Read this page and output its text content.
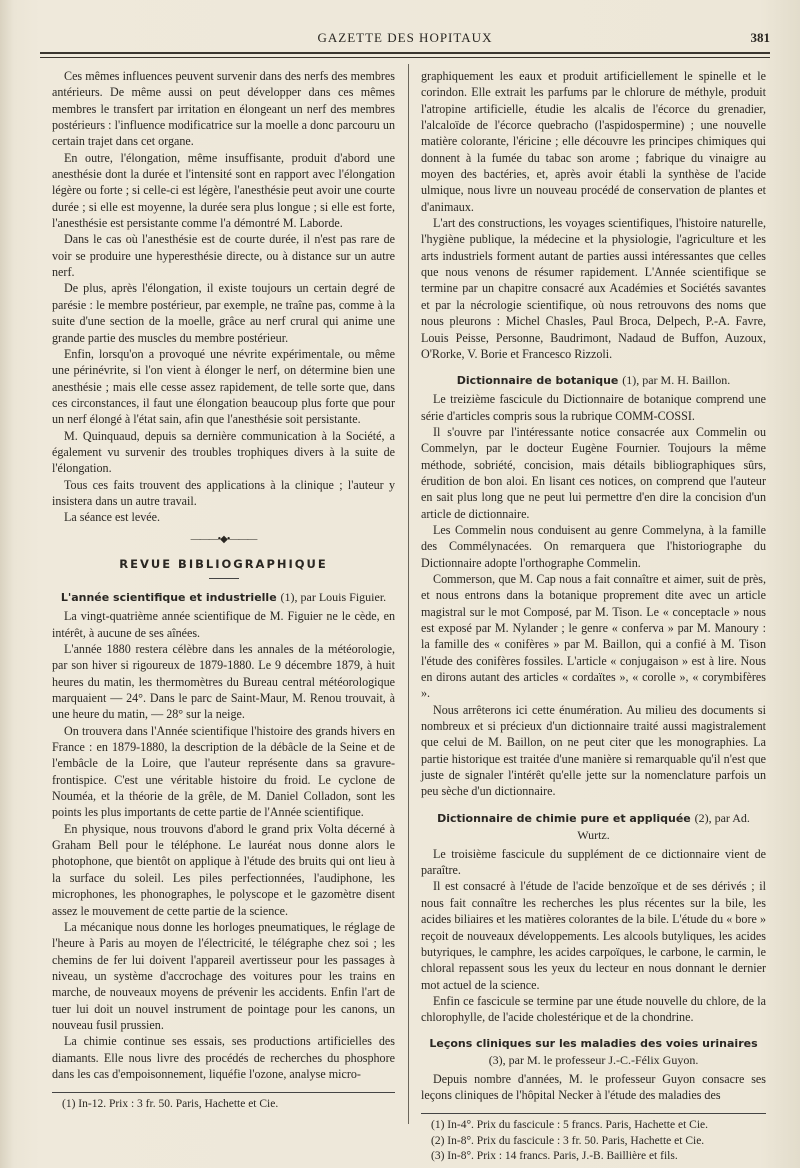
GAZETTE DES HOPITAUX	381

Ces mêmes influences peuvent survenir dans des nerfs des membres antérieurs. De même aussi on peut développer dans ces mêmes membres le transfert par irritation en élongeant un nerf des membres postérieurs : l'influence modificatrice sur la moelle a donc parcouru un certain trajet dans cet organe.

En outre, l'élongation, même insuffisante, produit d'abord une anesthésie dont la durée et l'intensité sont en rapport avec l'élongation légère ou forte ; si celle-ci est légère, l'anesthésie peut avoir une courte durée ; si elle est moyenne, la durée sera plus longue ; si elle est forte, l'anesthésie est persistante comme l'a démontré M. Laborde.

Dans le cas où l'anesthésie est de courte durée, il n'est pas rare de voir se produire une hyperesthésie directe, ou à distance sur un autre nerf.

De plus, après l'élongation, il existe toujours un certain degré de parésie : le membre postérieur, par exemple, ne traîne pas, comme à la suite d'une section de la moelle, grâce au nerf crural qui anime une grande partie des muscles du membre postérieur.

Enfin, lorsqu'on a provoqué une névrite expérimentale, ou même une périnévrite, si l'on vient à élonger le nerf, on détermine bien une anesthésie ; mais elle cesse assez rapidement, de telle sorte que, dans ces circonstances, il faut une élongation beaucoup plus forte que pour un nerf élongé à l'état sain, afin que l'anesthésie soit persistante.

M. Quinquaud, depuis sa dernière communication à la Société, a également vu survenir des troubles trophiques divers à la suite de l'élongation.

Tous ces faits trouvent des applications à la clinique ; l'auteur y insistera dans un autre travail.

La séance est levée.

———•◆•———
REVUE BIBLIOGRAPHIQUE
L'année scientifique et industrielle (1), par Louis Figuier.

La vingt-quatrième année scientifique de M. Figuier ne le cède, en intérêt, à aucune de ses aînées.

L'année 1880 restera célèbre dans les annales de la météorologie, par son hiver si rigoureux de 1879-1880. Le 9 décembre 1879, à huit heures du matin, les thermomètres du Bureau central météorologique marquaient — 24°. Dans le parc de Saint-Maur, M. Renou trouvait, à une heure du matin, — 28° sur la neige.

On trouvera dans l'Année scientifique l'histoire des grands hivers en France : en 1879-1880, la description de la débâcle de la Seine et de l'embâcle de la Loire, que l'auteur représente dans sa gravure-frontispice. C'est une véritable histoire du froid. Le cyclone de Nouméa, et la théorie de la grêle, de M. Daniel Colladon, sont les points les plus importants de cette partie de l'Année scientifique.

En physique, nous trouvons d'abord le grand prix Volta décerné à Graham Bell pour le téléphone. Le lauréat nous donne alors le photophone, que bientôt on applique à l'étude des bruits qui ont lieu à la surface du soleil. Les piles perfectionnées, l'audiphone, les microphones, les phonographes, le polyscope et le gazomètre disent assez le mouvement de cette partie de la science.

La mécanique nous donne les horloges pneumatiques, le réglage de l'heure à Paris au moyen de l'électricité, le télégraphe chez soi ; les chemins de fer lui doivent l'appareil avertisseur pour les passages à niveau, un système d'accrochage des voitures pour les trains en marche, de nouveaux moyens de prévenir les accidents. Enfin l'art de tuer lui doit un nouvel instrument de pointage pour les canons, un nouveau fusil prussien.

La chimie continue ses essais, ses productions artificielles des diamants. Elle nous livre des procédés de recherches du phosphore dans les cas d'empoisonnement, liquéfie l'ozone, analyse micro-

(1) In-12. Prix : 3 fr. 50. Paris, Hachette et Cie.

graphiquement les eaux et produit artificiellement le spinelle et le corindon. Elle extrait les parfums par le chlorure de méthyle, produit l'atropine artificielle, étudie les alcalis de l'écorce du grenadier, l'alcaloïde de l'écorce quebracho (l'aspidospermine) ; une nouvelle matière colorante, l'éricine ; elle découvre les principes chimiques qui donnent à la fumée du tabac son arome ; fabrique du vinaigre au moyen des bactéries, et, après avoir établi la synthèse de l'acide ulmique, nous livre un nouveau procédé de conservation de plantes et d'animaux.

L'art des constructions, les voyages scientifiques, l'histoire naturelle, l'hygiène publique, la médecine et la physiologie, l'agriculture et les arts industriels forment autant de parties aussi intéressantes que celles que nous venons de résumer rapidement. L'Année scientifique se termine par un chapitre consacré aux Académies et Sociétés savantes et par la nécrologie scientifique, où nous retrouvons des noms que nous pleurons : Michel Chasles, Paul Broca, Delpech, P.-A. Favre, Louis Peisse, Personne, Baudrimont, Nadaud de Buffon, Auzoux, O'Rorke, V. Borie et Francesco Rizzoli.

Dictionnaire de botanique (1), par M. H. Baillon.

Le treizième fascicule du Dictionnaire de botanique comprend une série d'articles compris sous la rubrique COMM-COSSI.

Il s'ouvre par l'intéressante notice consacrée aux Commelin ou Commelyn, par le docteur Eugène Fournier. Toujours la même méthode, sobriété, concision, mais détails bibliographiques sûrs, érudition de bon aloi. En lisant ces notices, on comprend que l'auteur en sait plus long que ne peut lui permettre d'en dire la concision d'un article de dictionnaire.

Les Commelin nous conduisent au genre Commelyna, à la famille des Commélynacées. On remarquera que l'historiographe du Dictionnaire adopte l'orthographe Commelin.

Commerson, que M. Cap nous a fait connaître et aimer, suit de près, et nous entrons dans la botanique proprement dite avec un article magistral sur le mot Composé, par M. Tison. Le « conceptacle » nous est exposé par M. Nylander ; le genre « conferva » par M. Manoury : la famille des « conifères » par M. Baillon, qui a confié à M. Tison l'étude des conifères fossiles. L'article « conjugaison » est à lire. Nous en dirons autant des articles « cordaïtes », « corolle », « corymbifères ».

Nous arrêterons ici cette énumération. Au milieu des documents si nombreux et si précieux d'un dictionnaire traité aussi magistralement que celui de M. Baillon, on ne peut citer que les monographies. La partie historique est traitée d'une manière si remarquable qu'il n'est que juste de signaler l'intérêt qu'elle jette sur la nomenclature parfois un peu sèche d'un dictionnaire.

Dictionnaire de chimie pure et appliquée (2), par Ad. Wurtz.

Le troisième fascicule du supplément de ce dictionnaire vient de paraître.

Il est consacré à l'étude de l'acide benzoïque et de ses dérivés ; il nous fait connaître les recherches les plus récentes sur la bile, les acides biliaires et les matières colorantes de la bile. L'étude du « bore » reçoit de nouveaux développements. Les alcools butyliques, les acides butyriques, le camphre, les acides carpoïques, le carbone, le carmin, le chloral repassent sous les yeux du lecteur en nous donnant le dernier mot actuel de la science.

Enfin ce fascicule se termine par une étude nouvelle du chlore, de la chlorophylle, de l'acide cholestérique et de la chondrine.

Leçons cliniques sur les maladies des voies urinaires (3), par M. le professeur J.-C.-Félix Guyon.

Depuis nombre d'années, M. le professeur Guyon consacre ses leçons cliniques de l'hôpital Necker à l'étude des maladies des

(1) In-4°. Prix du fascicule : 5 francs. Paris, Hachette et Cie.

(2) In-8°. Prix du fascicule : 3 fr. 50. Paris, Hachette et Cie.

(3) In-8°. Prix : 14 francs. Paris, J.-B. Baillière et fils.
